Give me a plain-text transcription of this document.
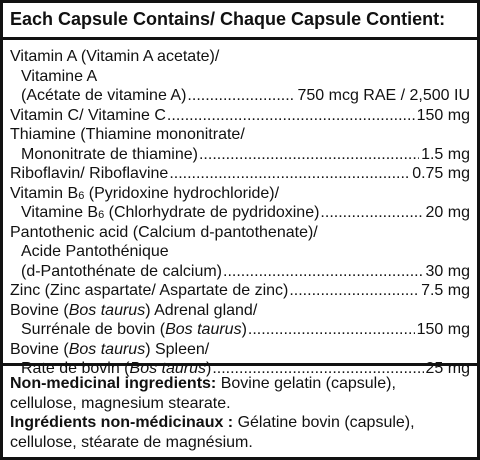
Each Capsule Contains/ Chaque Capsule Contient:
Vitamin A (Vitamin A acetate)/
Vitamine A
(Acétate de vitamine A) .....	750 mcg RAE / 2,500 IU
Vitamin C/ Vitamine C .....	150 mg
Thiamine (Thiamine mononitrate/
Mononitrate de thiamine) .....	1.5 mg
Riboflavin/ Riboflavine .....	0.75 mg
Vitamin $B_6$ (Pyridoxine hydrochloride)/
Vitamine $B_6$ (Chlorhydrate de pydridoxine) .....	20 mg
Pantothenic acid (Calcium d-pantothenate)/
Acide Pantothénique
(d-Pantothénate de calcium) .....	30 mg
Zinc (Zinc aspartate/ Aspartate de zinc) .....	7.5 mg
Bovine (Bos taurus) Adrenal gland/
Surrénale de bovin (Bos taurus) .....	150 mg
Bovine (Bos taurus) Spleen/
Rate de bovin (Bos taurus) .....	25 mg
Non-medicinal ingredients: Bovine gelatin (capsule),
cellulose, magnesium stearate.
Ingrédients non-médicinaux : Gélatine bovin (capsule),
cellulose, stéarate de magnésium.
